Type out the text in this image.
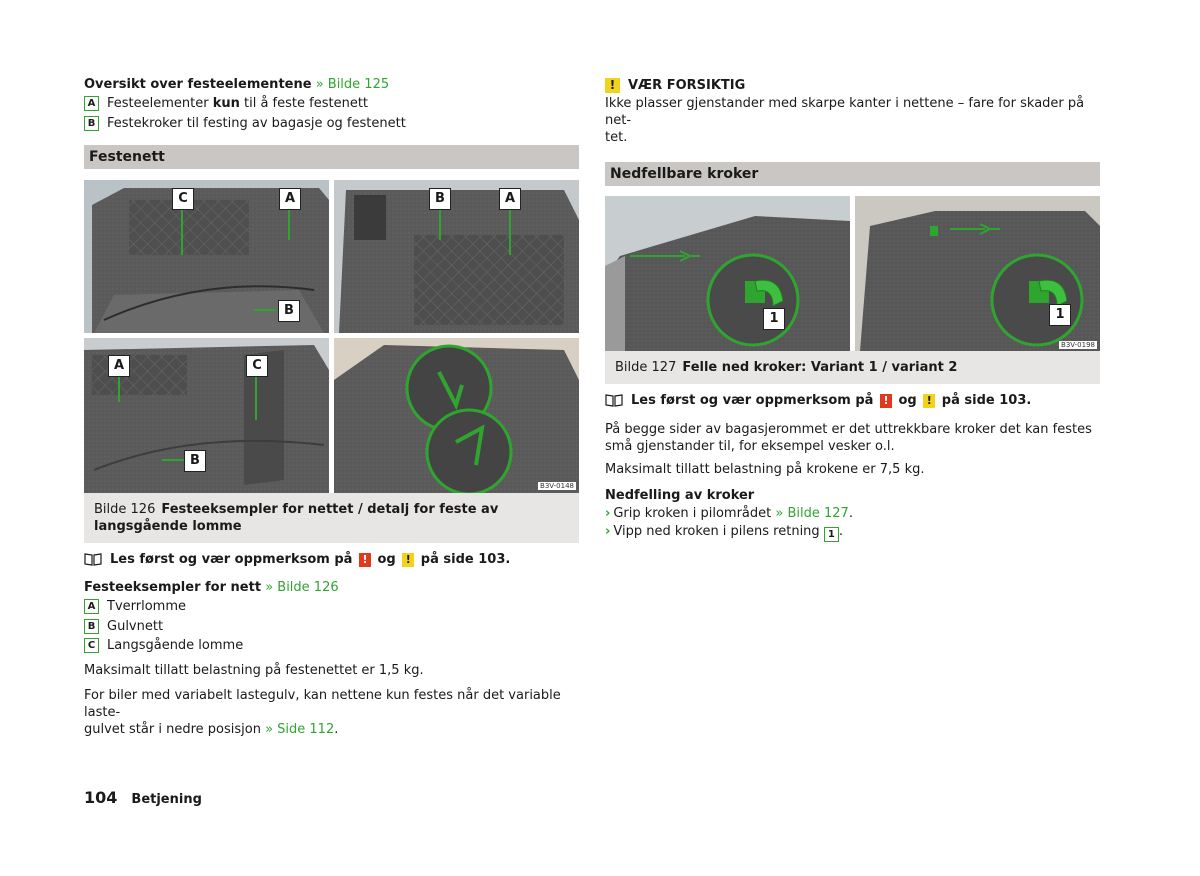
Oversikt over festeelementene » Bilde 125

A Festeelementer kun til å feste festenett
B Festekroker til festing av bagasje og festenett
Festenett
C	A
B
B	A
A	C
B
B3V-0148
Bilde 126 Festeeksempler for nettet / detalj for feste av langsgående lomme
Les først og vær oppmerksom på
!
og
!
på side 103.

Festeeksempler for nett » Bilde 126

A Tverrlomme
B Gulvnett
C Langsgående lomme

Maksimalt tillatt belastning på festenettet er 1,5 kg.

For biler med variabelt lastegulv, kan nettene kun festes når det variable laste-
gulvet står i nedre posisjon » Side 112.

! VÆR FORSIKTIG

Ikke plasser gjenstander med skarpe kanter i nettene – fare for skader på net-
tet.

Nedfellbare kroker
1	1
B3V-0198
Bilde 127 Felle ned kroker: Variant 1 / variant 2
Les først og vær oppmerksom på
!
og
!
på side 103.

På begge sider av bagasjerommet er det uttrekkbare kroker det kan festes
små gjenstander til, for eksempel vesker o.l.

Maksimalt tillatt belastning på krokene er 7,5 kg.

Nedfelling av kroker

› Grip kroken i pilområdet » Bilde 127.

› Vipp ned kroken i pilens retning 1 .

104 Betjening
